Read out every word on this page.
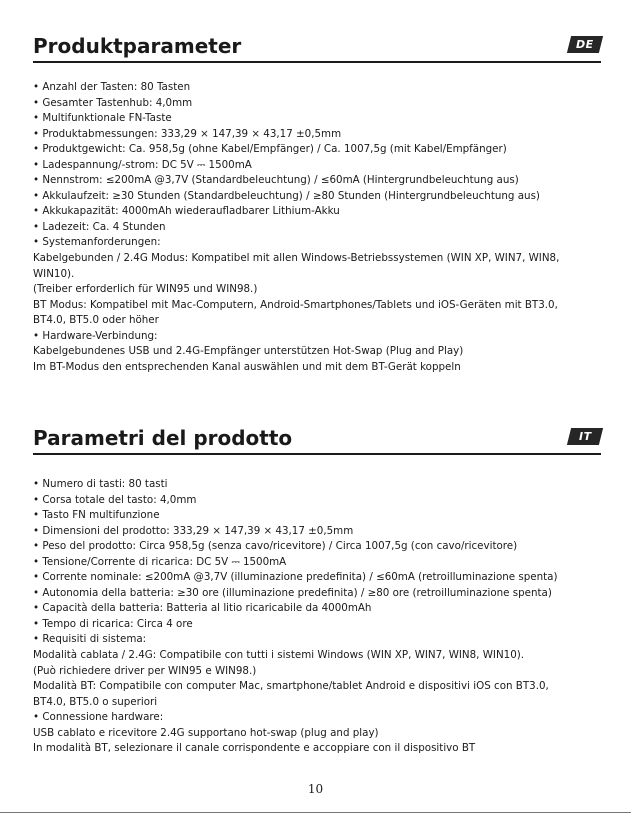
Produktparameter	DE
• Anzahl der Tasten: 80 Tasten
• Gesamter Tastenhub: 4,0mm
• Multifunktionale FN-Taste
• Produktabmessungen: 333,29 × 147,39 × 43,17 ±0,5mm
• Produktgewicht: Ca. 958,5g (ohne Kabel/Empfänger) / Ca. 1007,5g (mit Kabel/Empfänger)
• Ladespannung/-strom: DC 5V ⎓ 1500mA
• Nennstrom: ≤200mA @3,7V (Standardbeleuchtung) / ≤60mA (Hintergrundbeleuchtung aus)
• Akkulaufzeit: ≥30 Stunden (Standardbeleuchtung) / ≥80 Stunden (Hintergrundbeleuchtung aus)
• Akkukapazität: 4000mAh wiederaufladbarer Lithium-Akku
• Ladezeit: Ca. 4 Stunden
• Systemanforderungen:
Kabelgebunden / 2.4G Modus: Kompatibel mit allen Windows-Betriebssystemen (WIN XP, WIN7, WIN8,
WIN10).
(Treiber erforderlich für WIN95 und WIN98.)
BT Modus: Kompatibel mit Mac-Computern, Android-Smartphones/Tablets und iOS-Geräten mit BT3.0,
BT4.0, BT5.0 oder höher
• Hardware-Verbindung:
Kabelgebundenes USB und 2.4G-Empfänger unterstützen Hot-Swap (Plug and Play)
Im BT-Modus den entsprechenden Kanal auswählen und mit dem BT-Gerät koppeln
Parametri del prodotto	IT
• Numero di tasti: 80 tasti
• Corsa totale del tasto: 4,0mm
• Tasto FN multifunzione
• Dimensioni del prodotto: 333,29 × 147,39 × 43,17 ±0,5mm
• Peso del prodotto: Circa 958,5g (senza cavo/ricevitore) / Circa 1007,5g (con cavo/ricevitore)
• Tensione/Corrente di ricarica: DC 5V ⎓ 1500mA
• Corrente nominale: ≤200mA @3,7V (illuminazione predefinita) / ≤60mA (retroilluminazione spenta)
• Autonomia della batteria: ≥30 ore (illuminazione predefinita) / ≥80 ore (retroilluminazione spenta)
• Capacità della batteria: Batteria al litio ricaricabile da 4000mAh
• Tempo di ricarica: Circa 4 ore
• Requisiti di sistema:
Modalità cablata / 2.4G: Compatibile con tutti i sistemi Windows (WIN XP, WIN7, WIN8, WIN10).
(Può richiedere driver per WIN95 e WIN98.)
Modalità BT: Compatibile con computer Mac, smartphone/tablet Android e dispositivi iOS con BT3.0,
BT4.0, BT5.0 o superiori
• Connessione hardware:
USB cablato e ricevitore 2.4G supportano hot-swap (plug and play)
In modalità BT, selezionare il canale corrispondente e accoppiare con il dispositivo BT
10
